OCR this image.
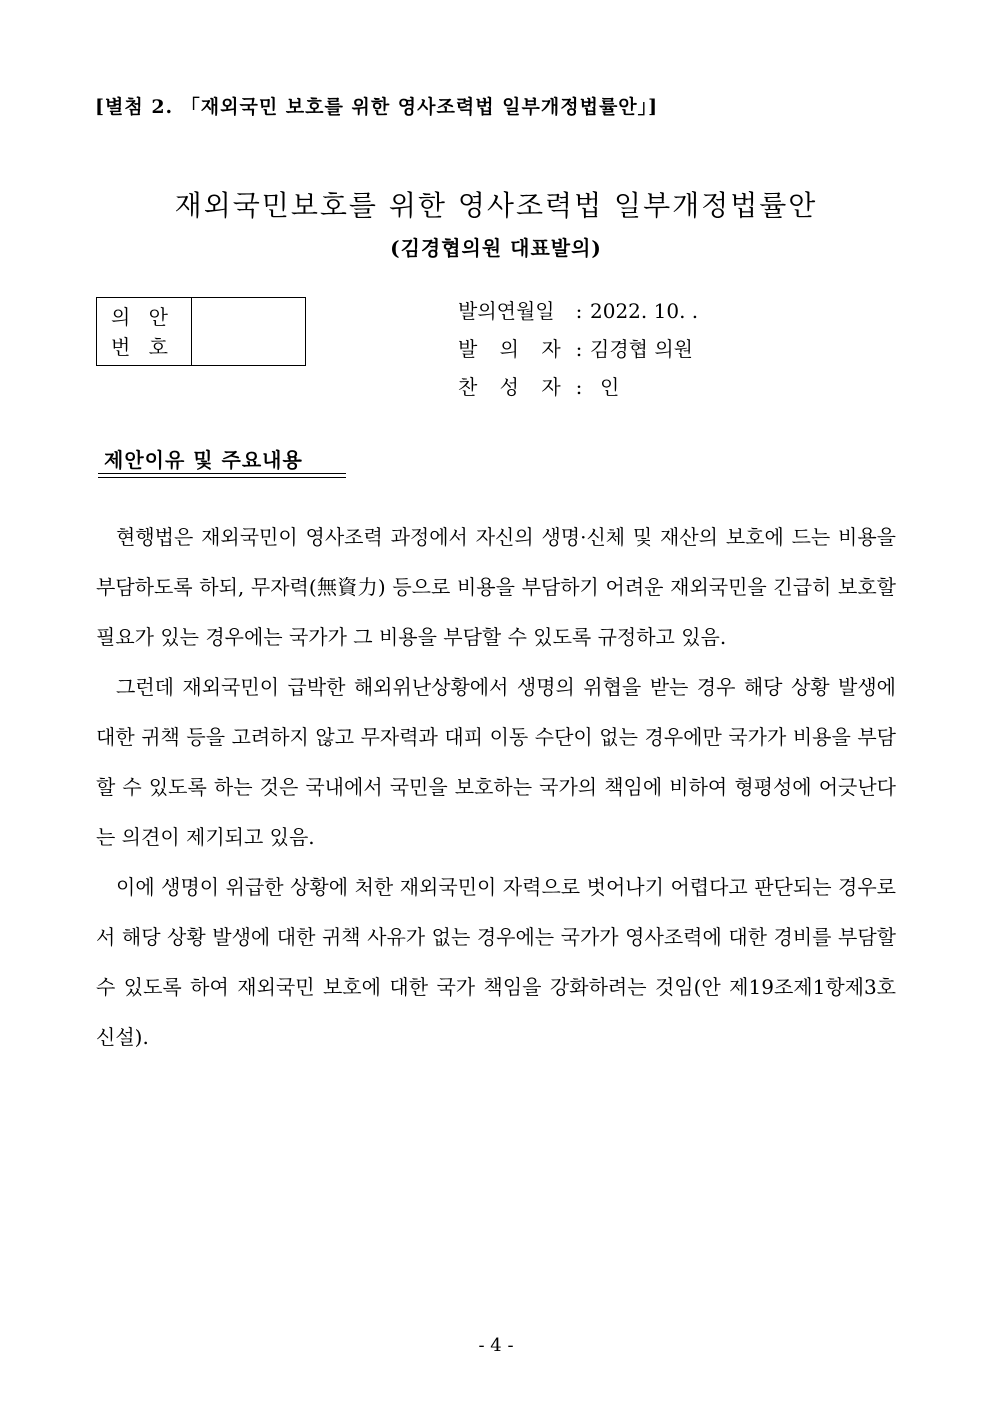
[별첨 2. 「재외국민 보호를 위한 영사조력법 일부개정법률안」]
재외국민보호를 위한 영사조력법 일부개정법률안
(김경협의원 대표발의)
의 안
번 호
발의연월일	: 2022. 10. .
발 의 자 : 김경협 의원
찬 성 자 : 인
제안이유 및 주요내용

현행법은 재외국민이 영사조력 과정에서 자신의 생명·신체 및 재산의 보호에 드는 비용을 부담하도록 하되, 무자력(無資力) 등으로 비용을 부담하기 어려운 재외국민을 긴급히 보호할 필요가 있는 경우에는 국가가 그 비용을 부담할 수 있도록 규정하고 있음.

그런데 재외국민이 급박한 해외위난상황에서 생명의 위협을 받는 경우 해당 상황 발생에 대한 귀책 등을 고려하지 않고 무자력과 대피 이동 수단이 없는 경우에만 국가가 비용을 부담할 수 있도록 하는 것은 국내에서 국민을 보호하는 국가의 책임에 비하여 형평성에 어긋난다는 의견이 제기되고 있음.

이에 생명이 위급한 상황에 처한 재외국민이 자력으로 벗어나기 어렵다고 판단되는 경우로서 해당 상황 발생에 대한 귀책 사유가 없는 경우에는 국가가 영사조력에 대한 경비를 부담할 수 있도록 하여 재외국민 보호에 대한 국가 책임을 강화하려는 것임(안 제19조제1항제3호 신설).

- 4 -
